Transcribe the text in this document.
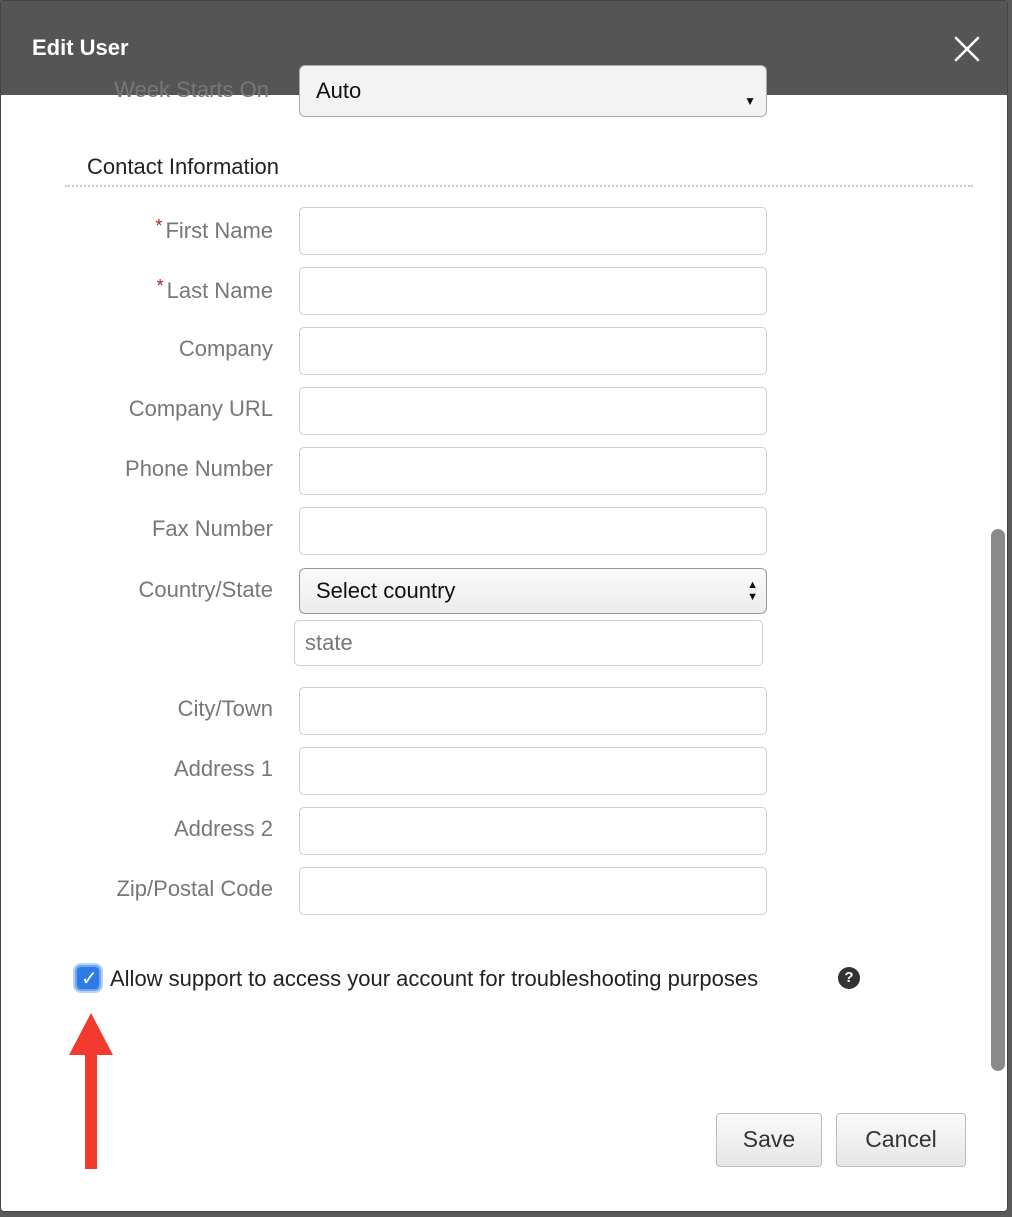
Edit User
Week Starts On Auto	▼
Contact Information
* First Name
* Last Name
Company
Company URL
Phone Number
Fax Number
Country/State Select country	▲
▼
state
City/Town
Address 1
Address 2
Zip/Postal Code
✓ Allow support to access your account for troubleshooting purposes	?
Save	Cancel
